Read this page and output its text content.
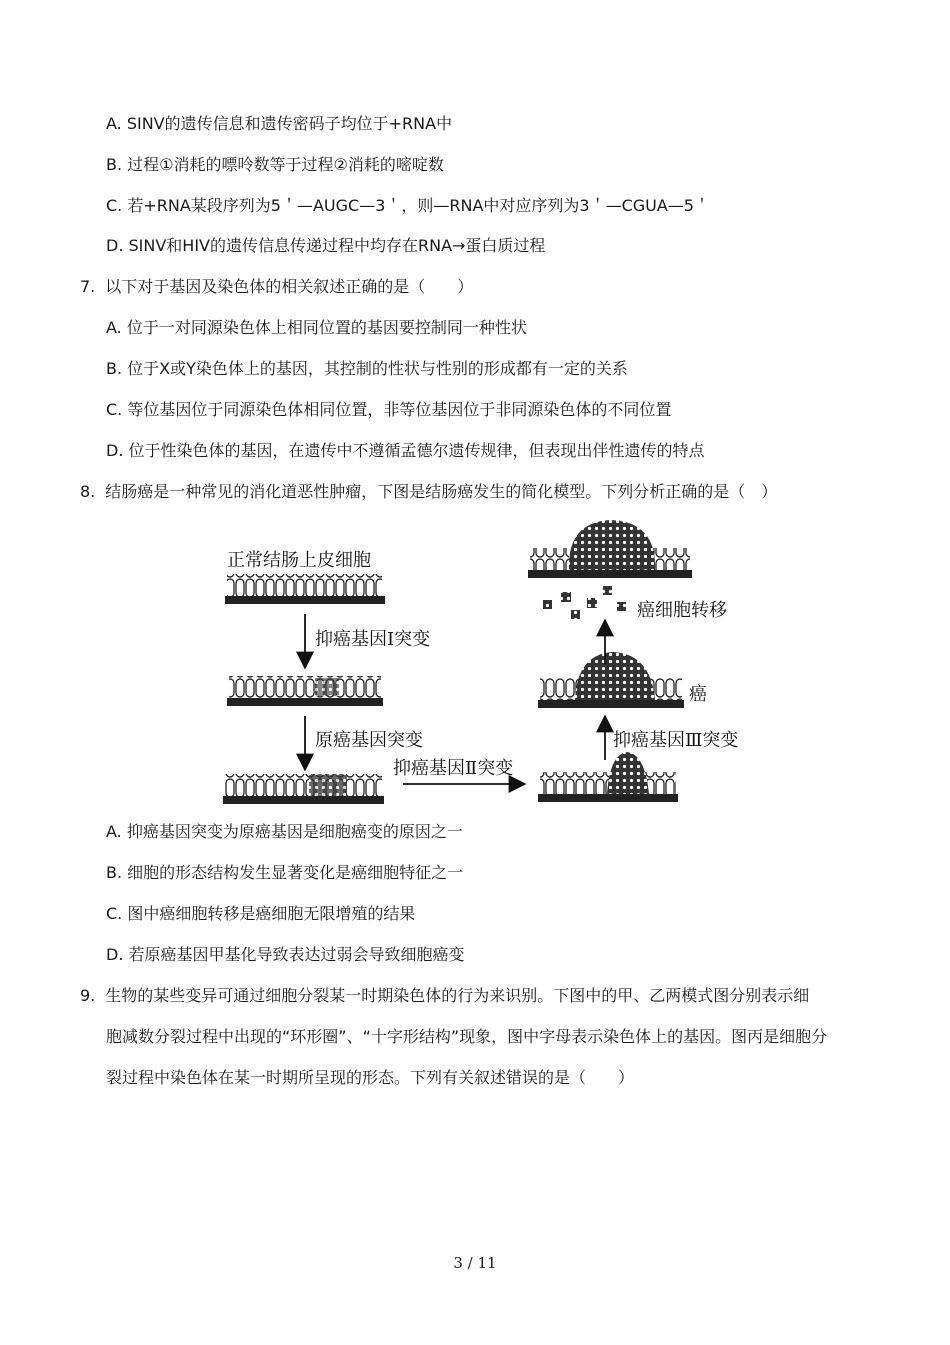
A. SINV的遗传信息和遗传密码子均位于+RNA中
B. 过程①消耗的嘌呤数等于过程②消耗的嘧啶数
C. 若+RNA某段序列为5＇—AUGC—3＇，则—RNA中对应序列为3＇—CGUA—5＇
D. SINV和HIV的遗传信息传递过程中均存在RNA→蛋白质过程
7. 以下对于基因及染色体的相关叙述正确的是（　　）
A. 位于一对同源染色体上相同位置的基因要控制同一种性状
B. 位于X或Y染色体上的基因，其控制的性状与性别的形成都有一定的关系
C. 等位基因位于同源染色体相同位置，非等位基因位于非同源染色体的不同位置
D. 位于性染色体的基因，在遗传中不遵循孟德尔遗传规律，但表现出伴性遗传的特点
8. 结肠癌是一种常见的消化道恶性肿瘤，下图是结肠癌发生的简化模型。下列分析正确的是（　）
正常结肠上皮细胞
抑癌基因Ⅰ突变
原癌基因突变
抑癌基因Ⅱ突变
抑癌基因Ⅲ突变
癌
癌细胞转移
A. 抑癌基因突变为原癌基因是细胞癌变的原因之一
B. 细胞的形态结构发生显著变化是癌细胞特征之一
C. 图中癌细胞转移是癌细胞无限增殖的结果
D. 若原癌基因甲基化导致表达过弱会导致细胞癌变
9. 生物的某些变异可通过细胞分裂某一时期染色体的行为来识别。下图中的甲、乙两模式图分别表示细
胞减数分裂过程中出现的“环形圈”、“十字形结构”现象，图中字母表示染色体上的基因。图丙是细胞分
裂过程中染色体在某一时期所呈现的形态。下列有关叙述错误的是（　　）
3 / 11
